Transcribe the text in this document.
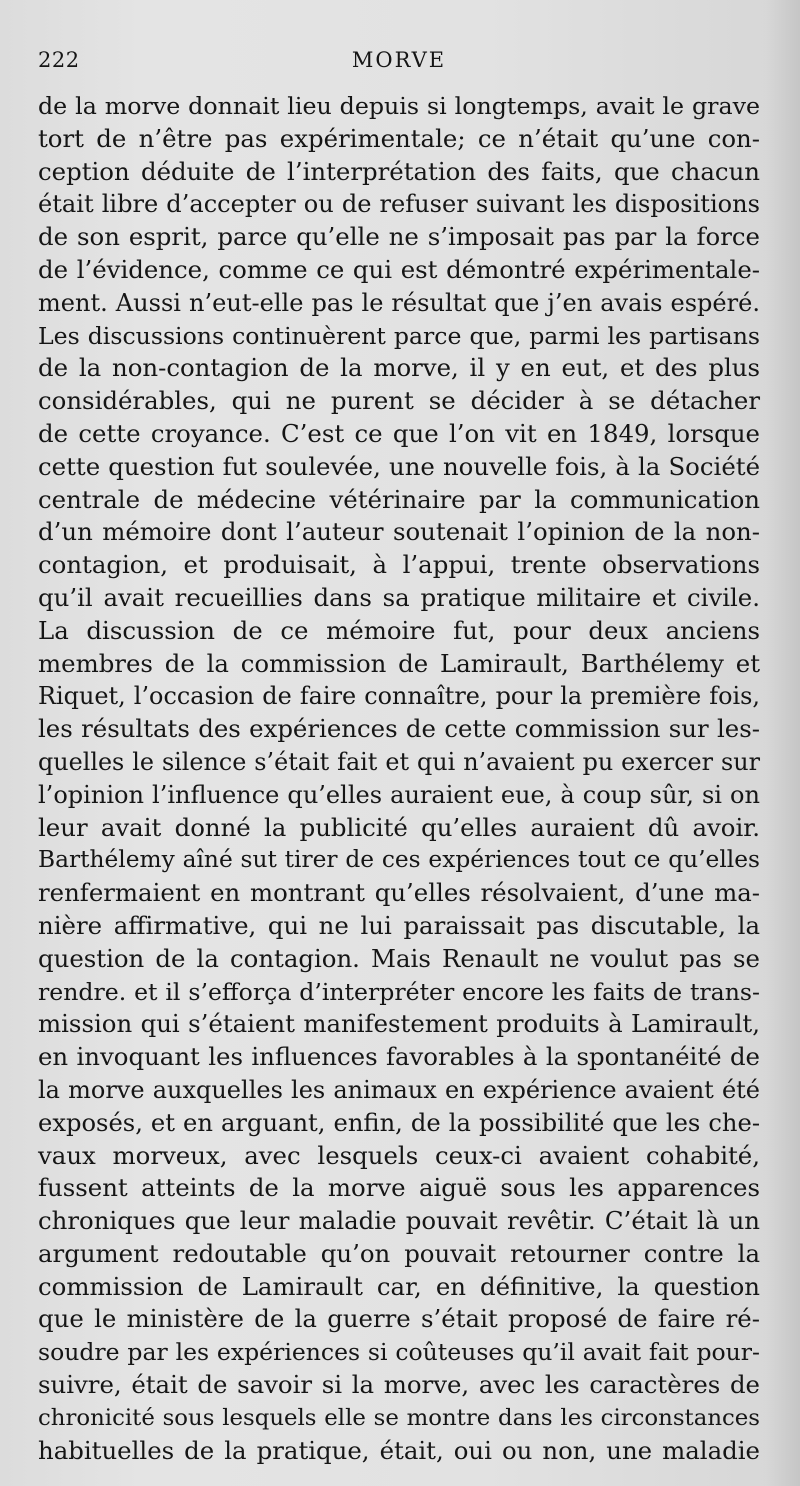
222	MORVE
de la morve donnait lieu depuis si longtemps, avait le grave
tort de n’être pas expérimentale; ce n’était qu’une con-
ception déduite de l’interprétation des faits, que chacun
était libre d’accepter ou de refuser suivant les dispositions
de son esprit, parce qu’elle ne s’imposait pas par la force
de l’évidence, comme ce qui est démontré expérimentale-
ment. Aussi n’eut-elle pas le résultat que j’en avais espéré.
Les discussions continuèrent parce que, parmi les partisans
de la non-contagion de la morve, il y en eut, et des plus
considérables, qui ne purent se décider à se détacher
de cette croyance. C’est ce que l’on vit en 1849, lorsque
cette question fut soulevée, une nouvelle fois, à la Société
centrale de médecine vétérinaire par la communication
d’un mémoire dont l’auteur soutenait l’opinion de la non-
contagion, et produisait, à l’appui, trente observations
qu’il avait recueillies dans sa pratique militaire et civile.
La discussion de ce mémoire fut, pour deux anciens
membres de la commission de Lamirault, Barthélemy et
Riquet, l’occasion de faire connaître, pour la première fois,
les résultats des expériences de cette commission sur les-
quelles le silence s’était fait et qui n’avaient pu exercer sur
l’opinion l’influence qu’elles auraient eue, à coup sûr, si on
leur avait donné la publicité qu’elles auraient dû avoir.
Barthélemy aîné sut tirer de ces expériences tout ce qu’elles
renfermaient en montrant qu’elles résolvaient, d’une ma-
nière affirmative, qui ne lui paraissait pas discutable, la
question de la contagion. Mais Renault ne voulut pas se
rendre. et il s’efforça d’interpréter encore les faits de trans-
mission qui s’étaient manifestement produits à Lamirault,
en invoquant les influences favorables à la spontanéité de
la morve auxquelles les animaux en expérience avaient été
exposés, et en arguant, enfin, de la possibilité que les che-
vaux morveux, avec lesquels ceux-ci avaient cohabité,
fussent atteints de la morve aiguë sous les apparences
chroniques que leur maladie pouvait revêtir. C’était là un
argument redoutable qu’on pouvait retourner contre la
commission de Lamirault car, en définitive, la question
que le ministère de la guerre s’était proposé de faire ré-
soudre par les expériences si coûteuses qu’il avait fait pour-
suivre, était de savoir si la morve, avec les caractères de
chronicité sous lesquels elle se montre dans les circonstances
habituelles de la pratique, était, oui ou non, une maladie
